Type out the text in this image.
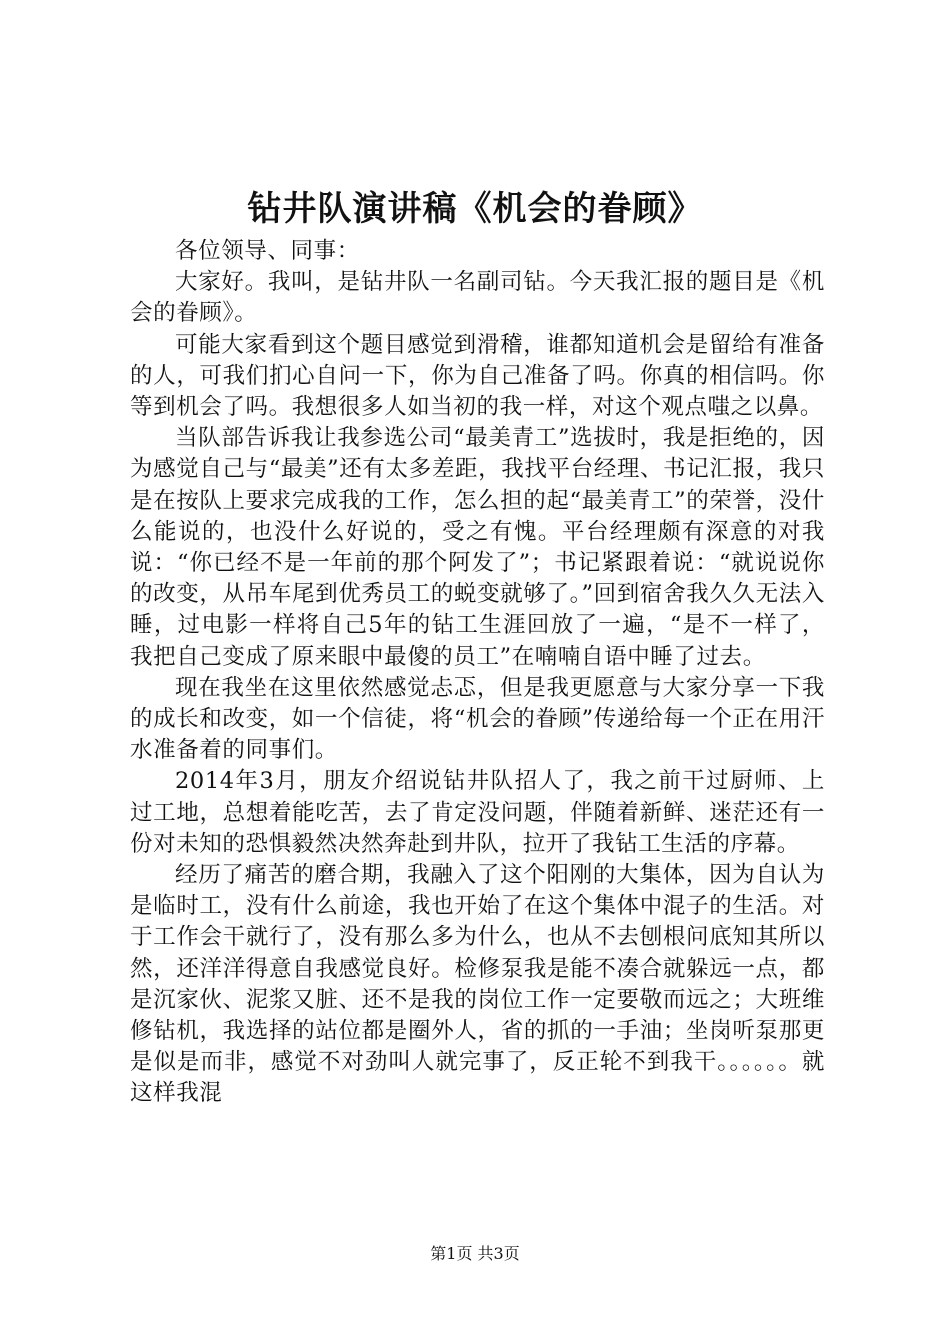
钻井队演讲稿《机会的眷顾》

各位领导、同事：

大家好。我叫，是钻井队一名副司钻。今天我汇报的题目是《机会的眷顾》。

可能大家看到这个题目感觉到滑稽，谁都知道机会是留给有准备的人，可我们扪心自问一下，你为自己准备了吗。你真的相信吗。你等到机会了吗。我想很多人如当初的我一样，对这个观点嗤之以鼻。

当队部告诉我让我参选公司“最美青工”选拔时，我是拒绝的，因为感觉自己与“最美”还有太多差距，我找平台经理、书记汇报，我只是在按队上要求完成我的工作，怎么担的起“最美青工”的荣誉，没什么能说的，也没什么好说的，受之有愧。平台经理颇有深意的对我说：“你已经不是一年前的那个阿发了”；书记紧跟着说：“就说说你的改变，从吊车尾到优秀员工的蜕变就够了。”回到宿舍我久久无法入睡，过电影一样将自己5年的钻工生涯回放了一遍，“是不一样了，我把自己变成了原来眼中最傻的员工”在喃喃自语中睡了过去。

现在我坐在这里依然感觉忐忑，但是我更愿意与大家分享一下我的成长和改变，如一个信徒，将“机会的眷顾”传递给每一个正在用汗水准备着的同事们。

2014年3月，朋友介绍说钻井队招人了，我之前干过厨师、上过工地，总想着能吃苦，去了肯定没问题，伴随着新鲜、迷茫还有一份对未知的恐惧毅然决然奔赴到井队，拉开了我钻工生活的序幕。

经历了痛苦的磨合期，我融入了这个阳刚的大集体，因为自认为是临时工，没有什么前途，我也开始了在这个集体中混子的生活。对于工作会干就行了，没有那么多为什么，也从不去刨根问底知其所以然，还洋洋得意自我感觉良好。检修泵我是能不凑合就躲远一点，都是沉家伙、泥浆又脏、还不是我的岗位工作一定要敬而远之；大班维修钻机，我选择的站位都是圈外人，省的抓的一手油；坐岗听泵那更是似是而非，感觉不对劲叫人就完事了，反正轮不到我干。。。。。。就这样我混

第1页 共3页
